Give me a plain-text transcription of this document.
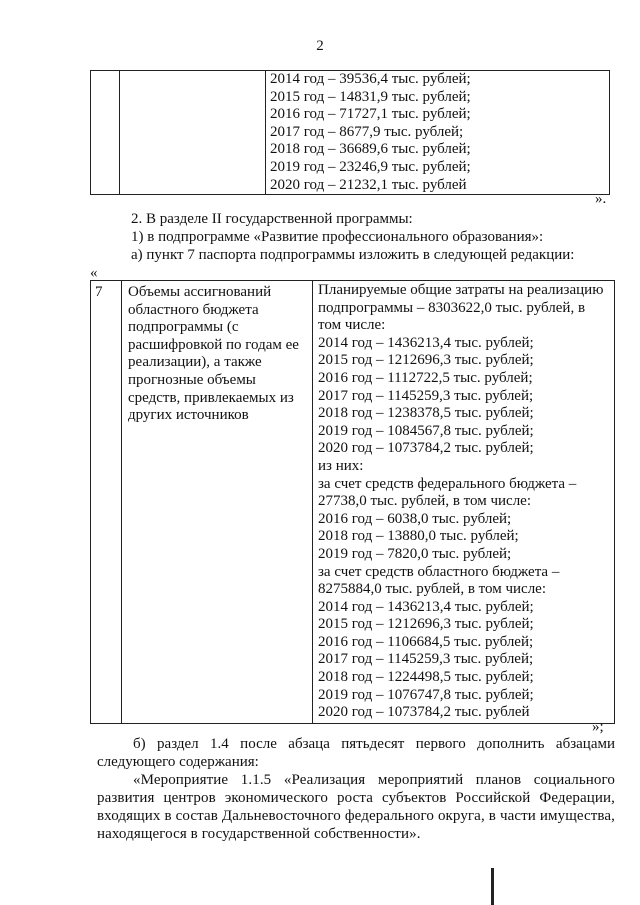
2

2014 год – 39536,4 тыс. рублей;
2015 год – 14831,9 тыс. рублей;
2016 год – 71727,1 тыс. рублей;
2017 год – 8677,9 тыс. рублей;
2018 год – 36689,6 тыс. рублей;
2019 год – 23246,9 тыс. рублей;
2020 год – 21232,1 тыс. рублей
».
2. В разделе II государственной программы:
1) в подпрограмме «Развитие профессионального образования»:
а) пункт 7 паспорта подпрограммы изложить в следующей редакции:
«
7	Объемы ассигнований
областного бюджета
подпрограммы (с
расшифровкой по годам ее
реализации), а также
прогнозные объемы
средств, привлекаемых из
других источников

Планируемые общие затраты на реализацию
подпрограммы – 8303622,0 тыс. рублей, в
том числе:
2014 год – 1436213,4 тыс. рублей;
2015 год – 1212696,3 тыс. рублей;
2016 год – 1112722,5 тыс. рублей;
2017 год – 1145259,3 тыс. рублей;
2018 год – 1238378,5 тыс. рублей;
2019 год – 1084567,8 тыс. рублей;
2020 год – 1073784,2 тыс. рублей;
из них:
за счет средств федерального бюджета –
27738,0 тыс. рублей, в том числе:
2016 год – 6038,0 тыс. рублей;
2018 год – 13880,0 тыс. рублей;
2019 год – 7820,0 тыс. рублей;
за счет средств областного бюджета –
8275884,0 тыс. рублей, в том числе:
2014 год – 1436213,4 тыс. рублей;
2015 год – 1212696,3 тыс. рублей;
2016 год – 1106684,5 тыс. рублей;
2017 год – 1145259,3 тыс. рублей;
2018 год – 1224498,5 тыс. рублей;
2019 год – 1076747,8 тыс. рублей;
2020 год – 1073784,2 тыс. рублей
»;
б) раздел 1.4 после абзаца пятьдесят первого дополнить абзацами следующего содержания:
«Мероприятие 1.1.5 «Реализация мероприятий планов социального развития центров экономического роста субъектов Российской Федерации, входящих в состав Дальневосточного федерального округа, в части имущества, находящегося в государственной собственности».
